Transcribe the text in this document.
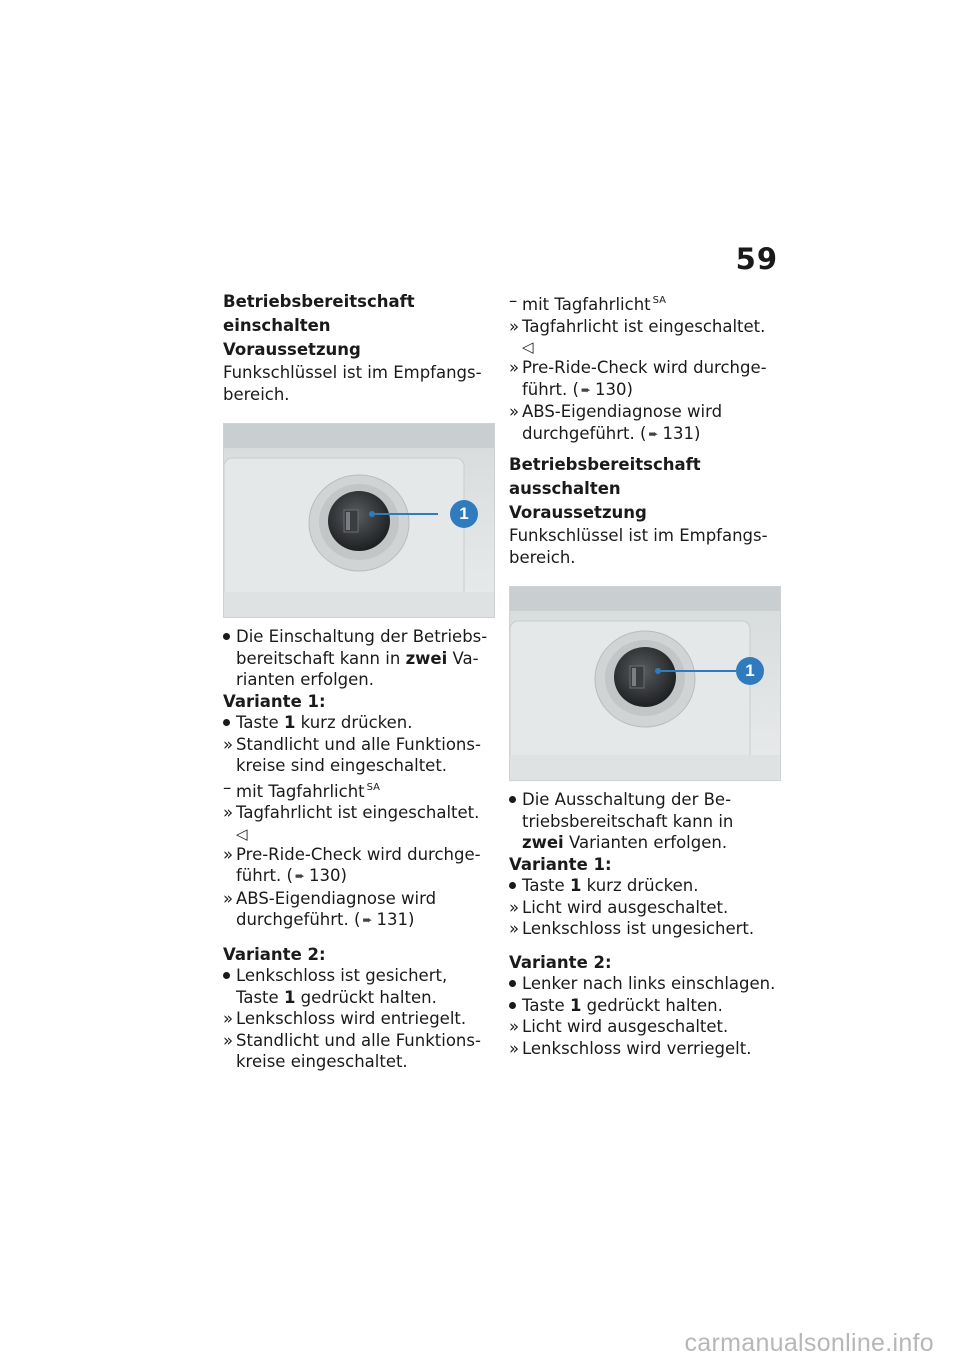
59
Betriebsbereitschaft
einschalten
Voraussetzung
Funkschlüssel ist im Empfangs-
bereich.
1
Die Einschaltung der Betriebs-
bereitschaft kann in zwei Va-
rianten erfolgen.
Variante 1:
Taste 1 kurz drücken.
» Standlicht und alle Funktions-
kreise sind eingeschaltet.
– mit Tagfahrlicht $^{SA}$
» Tagfahrlicht ist eingeschaltet.
◁
» Pre-Ride-Check wird durchge-
führt. ( ➨ 130)
» ABS-Eigendiagnose wird
durchgeführt. ( ➨ 131)
Variante 2:
Lenkschloss ist gesichert,
Taste 1 gedrückt halten.
» Lenkschloss wird entriegelt.
» Standlicht und alle Funktions-
kreise eingeschaltet.
– mit Tagfahrlicht $^{SA}$
» Tagfahrlicht ist eingeschaltet.
◁
» Pre-Ride-Check wird durchge-
führt. ( ➨ 130)
» ABS-Eigendiagnose wird
durchgeführt. ( ➨ 131)
Betriebsbereitschaft
ausschalten
Voraussetzung
Funkschlüssel ist im Empfangs-
bereich.
1
Die Ausschaltung der Be-
triebsbereitschaft kann in
zwei Varianten erfolgen.
Variante 1:
Taste 1 kurz drücken.
» Licht wird ausgeschaltet.
» Lenkschloss ist ungesichert.
Variante 2:
Lenker nach links einschlagen.
Taste 1 gedrückt halten.
» Licht wird ausgeschaltet.
» Lenkschloss wird verriegelt.
carmanualsonline.info
